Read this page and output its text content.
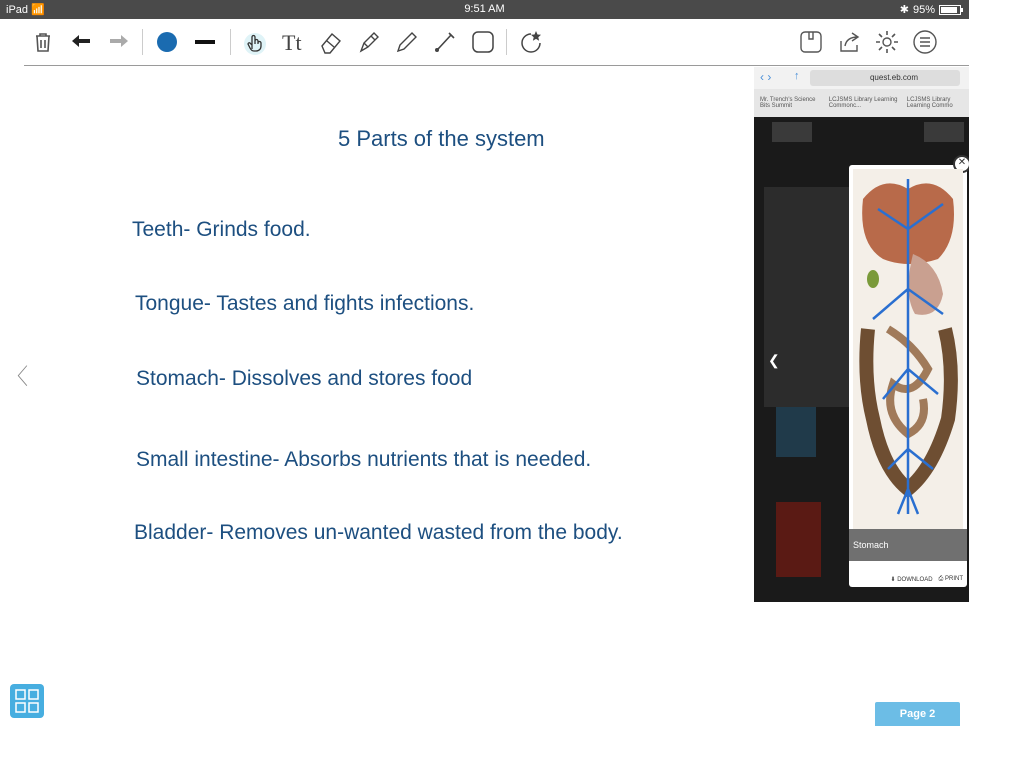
iPad 📶	9:51 AM	✱ 95%
Tt
5 Parts of the system
Teeth- Grinds food.
Tongue- Tastes and fights infections.
Stomach- Dissolves and stores food
Small intestine- Absorbs nutrients that is needed.
Bladder- Removes un-wanted wasted from the body.
‹ › ↑	quest.eb.com
Mr. Trench's Science Bits Summit
LCJSMS Library Learning Commonc...
LCJSMS Library Learning Commo
❮
✕
Stomach
⬇ DOWNLOAD ⎙ PRINT
〈
Page 2
